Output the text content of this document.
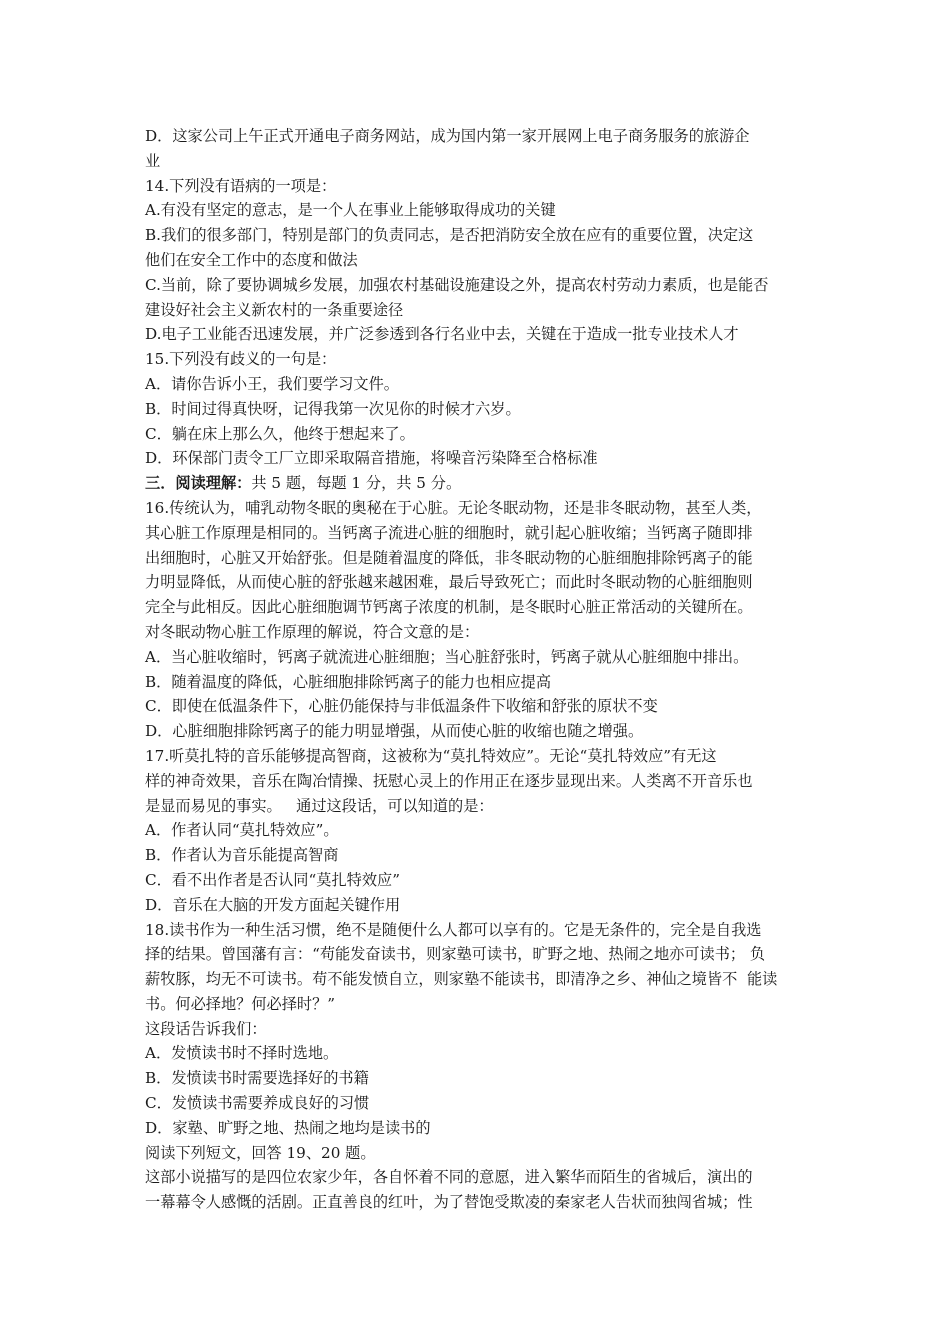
D．这家公司上午正式开通电子商务网站，成为国内第一家开展网上电子商务服务的旅游企
业
14.下列没有语病的一项是：
A.有没有坚定的意志，是一个人在事业上能够取得成功的关键
B.我们的很多部门，特别是部门的负责同志，是否把消防安全放在应有的重要位置，决定这
他们在安全工作中的态度和做法
C.当前，除了要协调城乡发展，加强农村基础设施建设之外，提高农村劳动力素质，也是能否
建设好社会主义新农村的一条重要途径
D.电子工业能否迅速发展，并广泛参透到各行名业中去，关键在于造成一批专业技术人才
15.下列没有歧义的一句是：
A．请你告诉小王，我们要学习文件。
B．时间过得真快呀，记得我第一次见你的时候才六岁。
C．躺在床上那么久，他终于想起来了。
D．环保部门责令工厂立即采取隔音措施，将噪音污染降至合格标准
三．阅读理解：共 5 题，每题 1 分，共 5 分。
16.传统认为，哺乳动物冬眠的奥秘在于心脏。无论冬眠动物，还是非冬眠动物，甚至人类，
其心脏工作原理是相同的。当钙离子流进心脏的细胞时，就引起心脏收缩；当钙离子随即排
出细胞时，心脏又开始舒张。但是随着温度的降低，非冬眠动物的心脏细胞排除钙离子的能
力明显降低，从而使心脏的舒张越来越困难，最后导致死亡；而此时冬眠动物的心脏细胞则
完全与此相反。因此心脏细胞调节钙离子浓度的机制，是冬眠时心脏正常活动的关键所在。
对冬眠动物心脏工作原理的解说，符合文意的是：
A．当心脏收缩时，钙离子就流进心脏细胞；当心脏舒张时，钙离子就从心脏细胞中排出。
B．随着温度的降低，心脏细胞排除钙离子的能力也相应提高
C．即使在低温条件下，心脏仍能保持与非低温条件下收缩和舒张的原状不变
D．心脏细胞排除钙离子的能力明显增强，从而使心脏的收缩也随之增强。
17.听莫扎特的音乐能够提高智商，这被称为“莫扎特效应”。无论“莫扎特效应”有无这
样的神奇效果，音乐在陶冶情操、抚慰心灵上的作用正在逐步显现出来。人类离不开音乐也
是显而易见的事实。   通过这段话，可以知道的是：
A．作者认同“莫扎特效应”。
B．作者认为音乐能提高智商
C．看不出作者是否认同“莫扎特效应”
D．音乐在大脑的开发方面起关键作用
18.读书作为一种生活习惯，绝不是随便什么人都可以享有的。它是无条件的，完全是自我选
择的结果。曾国藩有言：“苟能发奋读书，则家塾可读书，旷野之地、热闹之地亦可读书； 负
薪牧豚，均无不可读书。苟不能发愤自立，则家塾不能读书，即清净之乡、神仙之境皆不  能读
书。何必择地？何必择时？”
这段话告诉我们：
A．发愤读书时不择时选地。
B．发愤读书时需要选择好的书籍
C．发愤读书需要养成良好的习惯
D．家塾、旷野之地、热闹之地均是读书的
阅读下列短文，回答 19、20 题。
这部小说描写的是四位农家少年，各自怀着不同的意愿，进入繁华而陌生的省城后，演出的
一幕幕令人感慨的活剧。正直善良的红叶，为了替饱受欺凌的秦家老人告状而独闯省城；性
